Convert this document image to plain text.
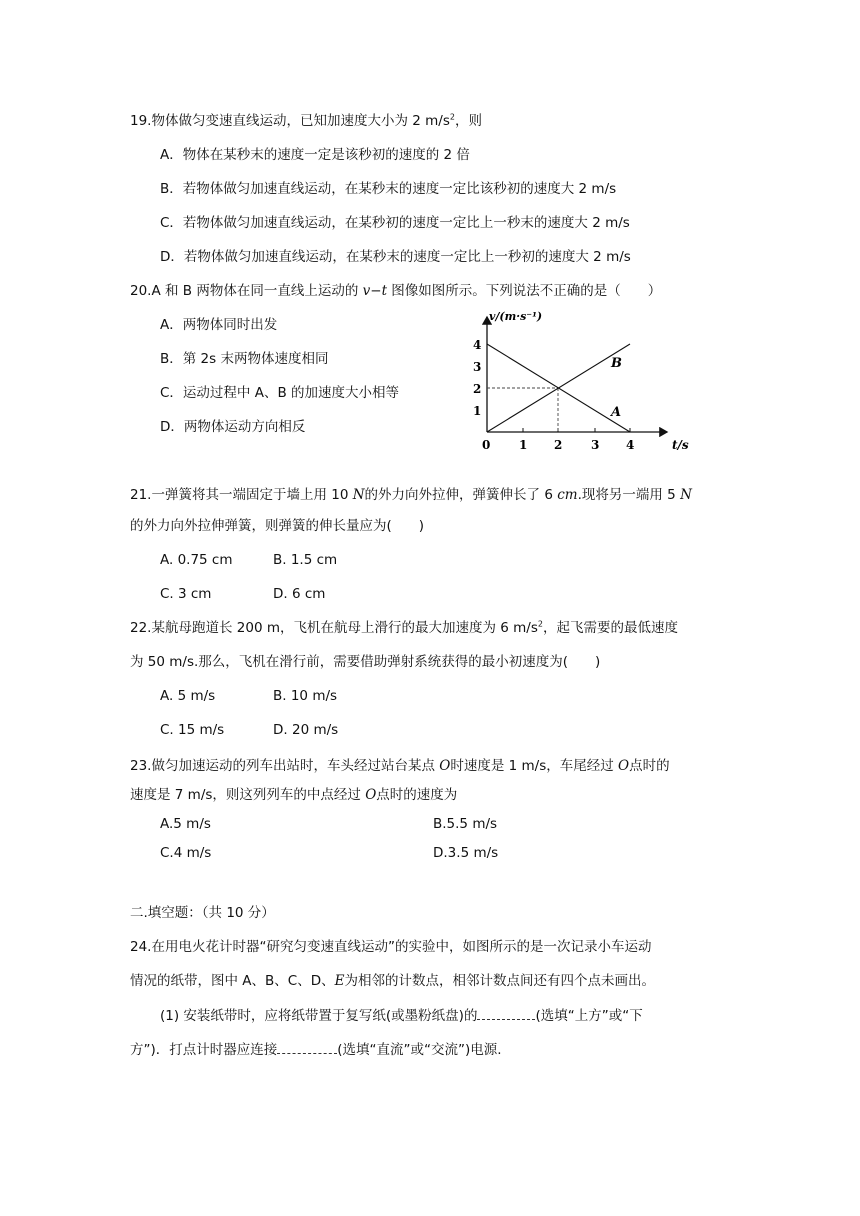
19.物体做匀变速直线运动，已知加速度大小为 2 $m/s^2$，则
A．物体在某秒末的速度一定是该秒初的速度的 2 倍
B．若物体做匀加速直线运动，在某秒末的速度一定比该秒初的速度大 2 m/s
C．若物体做匀加速直线运动，在某秒初的速度一定比上一秒末的速度大 2 m/s
D．若物体做匀加速直线运动，在某秒末的速度一定比上一秒初的速度大 2 m/s
20.A 和 B 两物体在同一直线上运动的 v−t 图像如图所示。下列说法不正确的是（　　）
A．两物体同时出发
B．第 2s 末两物体速度相同
C．运动过程中 A、B 的加速度大小相等
D．两物体运动方向相反
v/(m·s⁻¹)
t/s
4
3
2
1
0 1 2 3 4
A
B
21.一弹簧将其一端固定于墙上用 10 N的外力向外拉伸，弹簧伸长了 6 cm.现将另一端用 5 N
的外力向外拉伸弹簧，则弹簧的伸长量应为(　　)
A. 0.75 cm	B. 1.5 cm
C. 3 cm	D. 6 cm
22.某航母跑道长 200 m，飞机在航母上滑行的最大加速度为 6 $m/s^2$，起飞需要的最低速度
为 50 m/s.那么，飞机在滑行前，需要借助弹射系统获得的最小初速度为(　　)
A. 5 m/s	B. 10 m/s
C. 15 m/s	D. 20 m/s
23.做匀加速运动的列车出站时，车头经过站台某点 O时速度是 1 m/s，车尾经过 O点时的
速度是 7 m/s，则这列列车的中点经过 O点时的速度为
A.5 m/s	B.5.5 m/s
C.4 m/s	D.3.5 m/s
二.填空题：（共 10 分）
24.在用电火花计时器“研究匀变速直线运动”的实验中，如图所示的是一次记录小车运动
情况的纸带，图中 A、B、C、D、E为相邻的计数点，相邻计数点间还有四个点未画出。
(1) 安装纸带时，应将纸带置于复写纸(或墨粉纸盘)的	(选填“上方”或“下
方”)．打点计时器应连接	(选填“直流”或“交流”)电源.
